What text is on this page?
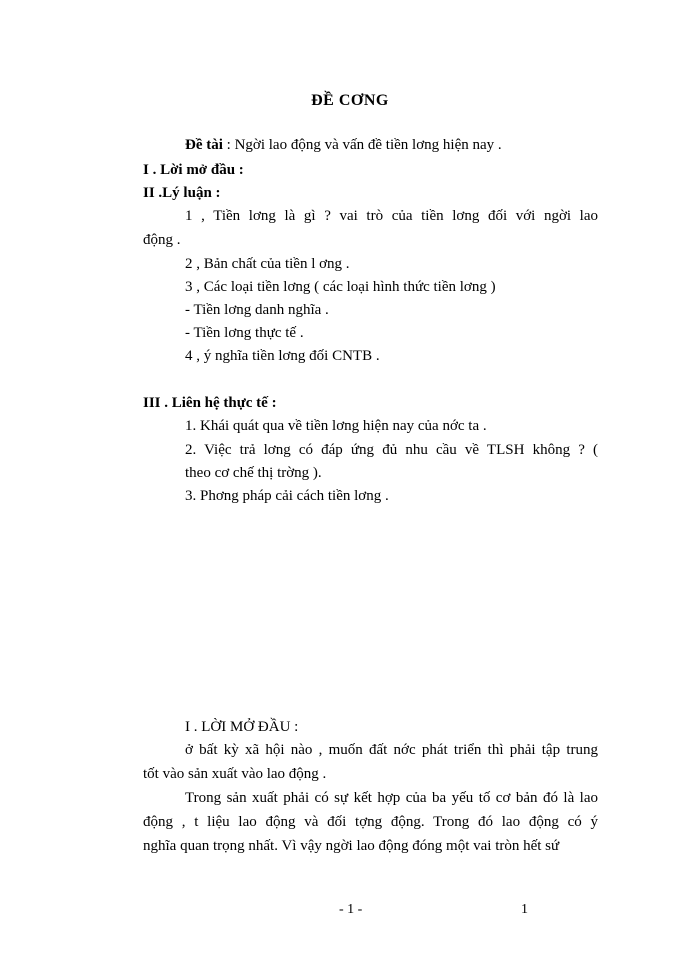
ĐỀ CƠNG
Đề tài : Ngời lao động và vấn đề tiền lơng hiện nay .
I . Lời mở đầu :
II .Lý luận :
1 , Tiền lơng là gì ? vai trò của tiền lơng đối với ngời lao
động .
2 , Bản chất của tiền l ơng .
3 , Các loại tiền lơng ( các loại hình thức tiền lơng )
- Tiền lơng danh nghĩa .
- Tiền lơng thực tế .
4 , ý nghĩa tiền lơng đối CNTB .
III . Liên hệ thực tế :
1. Khái quát qua về tiền lơng hiện nay của nớc ta .
2. Việc trả lơng có đáp ứng đủ nhu cầu về TLSH không ? (
theo cơ chế thị trờng ).
3. Phơng pháp cải cách tiền lơng .
I . LỜI MỞ ĐẦU :
ở bất kỳ xã hội nào , muốn đất nớc phát triển thì phải tập trung
tốt vào sản xuất vào lao động .
Trong sản xuất phải có sự kết hợp của ba yếu tố cơ bản đó là lao
động , t liệu lao động và đối tợng động. Trong đó lao động có ý
nghĩa quan trọng nhất. Vì vậy ngời lao động đóng một vai tròn hết sứ
- 1 -	1
